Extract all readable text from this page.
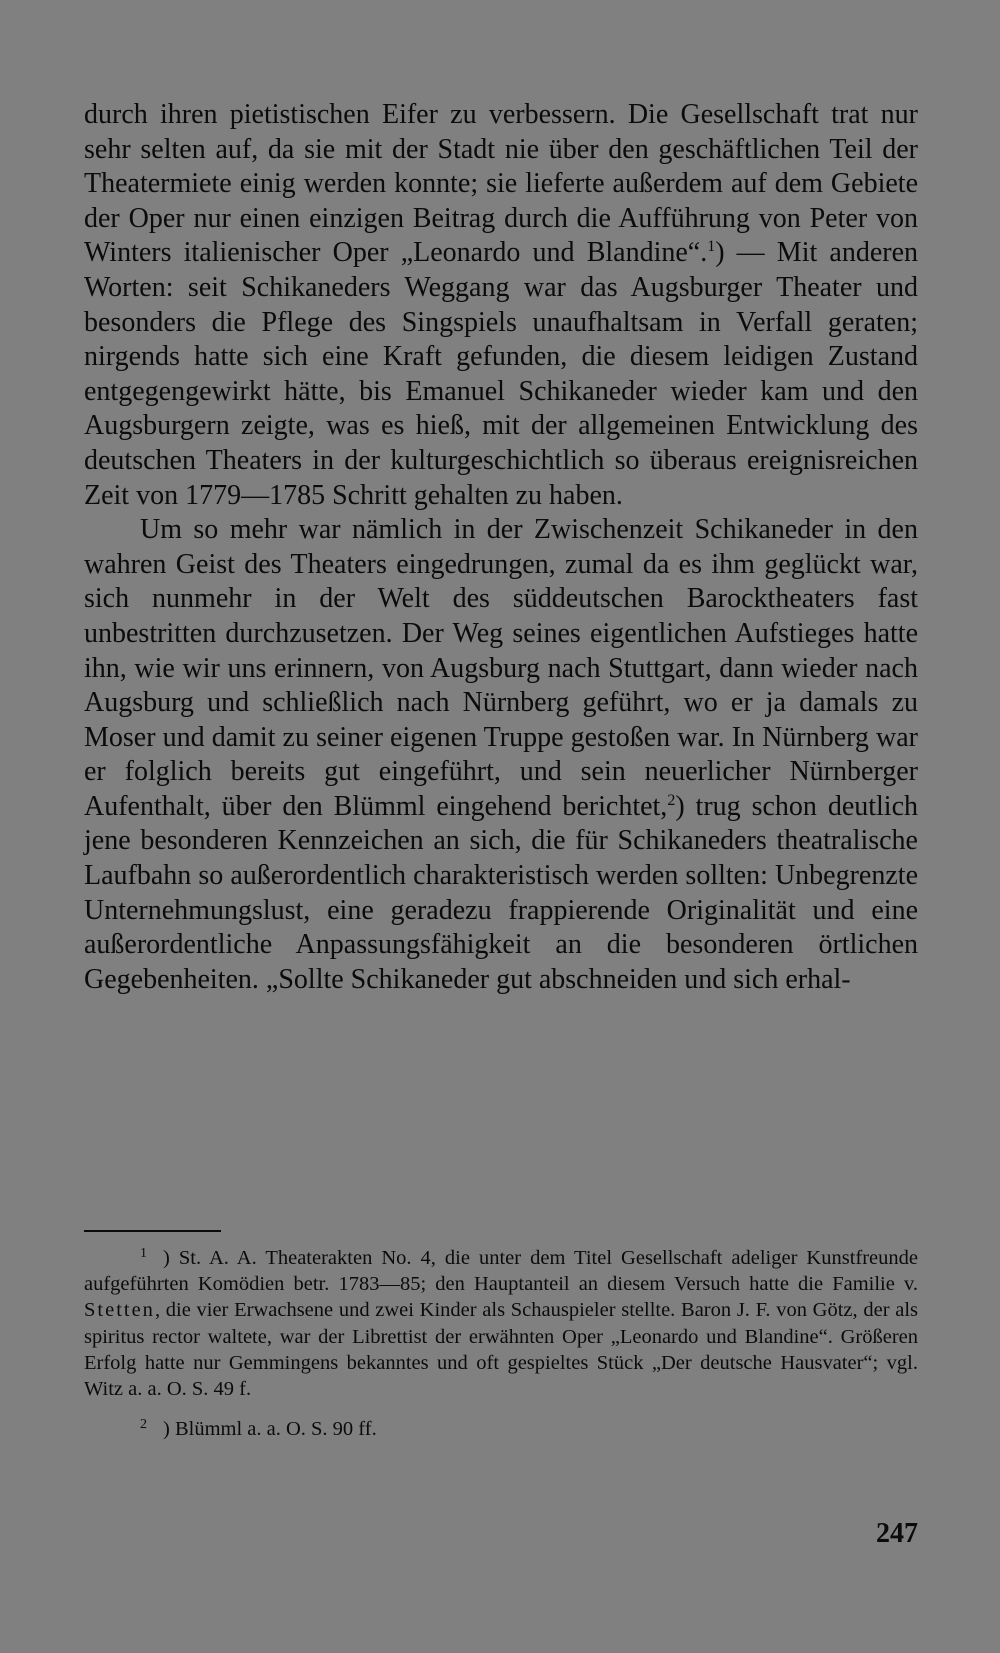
durch ihren pietistischen Eifer zu verbessern. Die Gesellschaft trat nur sehr selten auf, da sie mit der Stadt nie über den geschäftlichen Teil der Theatermiete einig werden konnte; sie lieferte außerdem auf dem Gebiete der Oper nur einen einzigen Beitrag durch die Aufführung von Peter von Winters italienischer Oper „Leonardo und Blandine“.$^1$) — Mit anderen Worten: seit Schikaneders Weggang war das Augsburger Theater und besonders die Pflege des Singspiels unaufhaltsam in Verfall geraten; nirgends hatte sich eine Kraft gefunden, die diesem leidigen Zustand entgegengewirkt hätte, bis Emanuel Schikaneder wieder kam und den Augsburgern zeigte, was es hieß, mit der allgemeinen Entwicklung des deutschen Theaters in der kulturgeschichtlich so überaus ereignisreichen Zeit von 1779—1785 Schritt gehalten zu haben.

Um so mehr war nämlich in der Zwischenzeit Schikaneder in den wahren Geist des Theaters eingedrungen, zumal da es ihm geglückt war, sich nunmehr in der Welt des süddeutschen Barocktheaters fast unbestritten durchzusetzen. Der Weg seines eigentlichen Aufstieges hatte ihn, wie wir uns erinnern, von Augsburg nach Stuttgart, dann wieder nach Augsburg und schließlich nach Nürnberg geführt, wo er ja damals zu Moser und damit zu seiner eigenen Truppe gestoßen war. In Nürnberg war er folglich bereits gut eingeführt, und sein neuerlicher Nürnberger Aufenthalt, über den Blümml eingehend berichtet,$^2$) trug schon deutlich jene besonderen Kennzeichen an sich, die für Schikaneders theatralische Laufbahn so außerordentlich charakteristisch werden sollten: Unbegrenzte Unternehmungslust, eine geradezu frappierende Originalität und eine außerordentliche Anpassungsfähigkeit an die besonderen örtlichen Gegebenheiten. „Sollte Schikaneder gut abschneiden und sich erhal-

$^1$ ) St. A. A. Theaterakten No. 4, die unter dem Titel Gesellschaft adeliger Kunstfreunde aufgeführten Komödien betr. 1783—85; den Hauptanteil an diesem Versuch hatte die Familie v. Stetten, die vier Erwachsene und zwei Kinder als Schauspieler stellte. Baron J. F. von Götz, der als spiritus rector waltete, war der Librettist der erwähnten Oper „Leonardo und Blandine“. Größeren Erfolg hatte nur Gemmingens bekanntes und oft gespieltes Stück „Der deutsche Hausvater“; vgl. Witz a. a. O. S. 49 f.

$^2$ ) Blümml a. a. O. S. 90 ff.

247
